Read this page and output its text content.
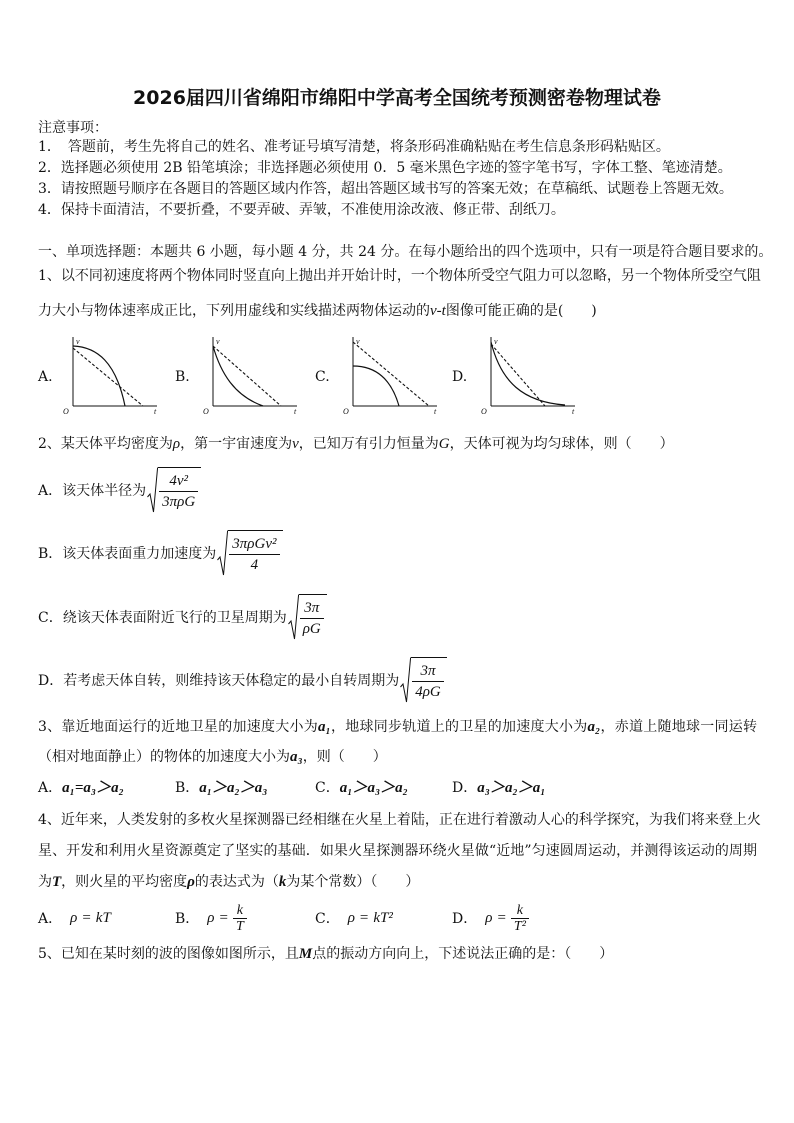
2026届四川省绵阳市绵阳中学高考全国统考预测密卷物理试卷
注意事项：
1．　答题前，考生先将自己的姓名、准考证号填写清楚，将条形码准确粘贴在考生信息条形码粘贴区。
2．选择题必须使用 2B 铅笔填涂；非选择题必须使用 0．5 毫米黑色字迹的签字笔书写，字体工整、笔迹清楚。
3．请按照题号顺序在各题目的答题区域内作答，超出答题区域书写的答案无效；在草稿纸、试题卷上答题无效。
4．保持卡面清洁，不要折叠，不要弄破、弄皱，不准使用涂改液、修正带、刮纸刀。
一、单项选择题：本题共 6 小题，每小题 4 分，共 24 分。在每小题给出的四个选项中，只有一项是符合题目要求的。
1、以不同初速度将两个物体同时竖直向上抛出并开始计时，一个物体所受空气阻力可以忽略，另一个物体所受空气阻
力大小与物体速率成正比，下列用虚线和实线描述两物体运动的v-t图像可能正确的是(　　)
A.	B.	C.	D.
v
O	t
v
O	t
v
O	t
v
O	t
2、某天体平均密度为ρ，第一宇宙速度为v，已知万有引力恒量为G，天体可视为均匀球体，则（　　）
A． 该天体半径为 $\frac{\text{4v²}}{\text{3πρG}}$
B． 该天体表面重力加速度为 $\frac{\text{3πρGv²}}{4}$
C． 绕该天体表面附近飞行的卫星周期为 $\frac{3\pi}{\rho G}$
D． 若考虑天体自转，则维持该天体稳定的最小自转周期为 $\frac{3\pi}{4\rho G}$
3、靠近地面运行的近地卫星的加速度大小为a₁，地球同步轨道上的卫星的加速度大小为a₂，赤道上随地球一同运转
（相对地面静止）的物体的加速度大小为a₃，则（　　）
A．a₁=a₃＞a₂	B．a₁＞a₂＞a₃	C．a₁＞a₃＞a₂	D．a₃＞a₂＞a₁
4、近年来，人类发射的多枚火星探测器已经相继在火星上着陆，正在进行着激动人心的科学探究，为我们将来登上火
星、开发和利用火星资源奠定了坚实的基础．如果火星探测器环绕火星做“近地”匀速圆周运动，并测得该运动的周期
为T，则火星的平均密度ρ的表达式为（k为某个常数）（　　）
A． ρ = kT	B． $\rho = \frac{k}{T}$	C． ρ = kT²	D． $\rho = \frac{k}{\text{T²}}$
5、已知在某时刻的波的图像如图所示，且M点的振动方向向上，下述说法正确的是：（　　）
